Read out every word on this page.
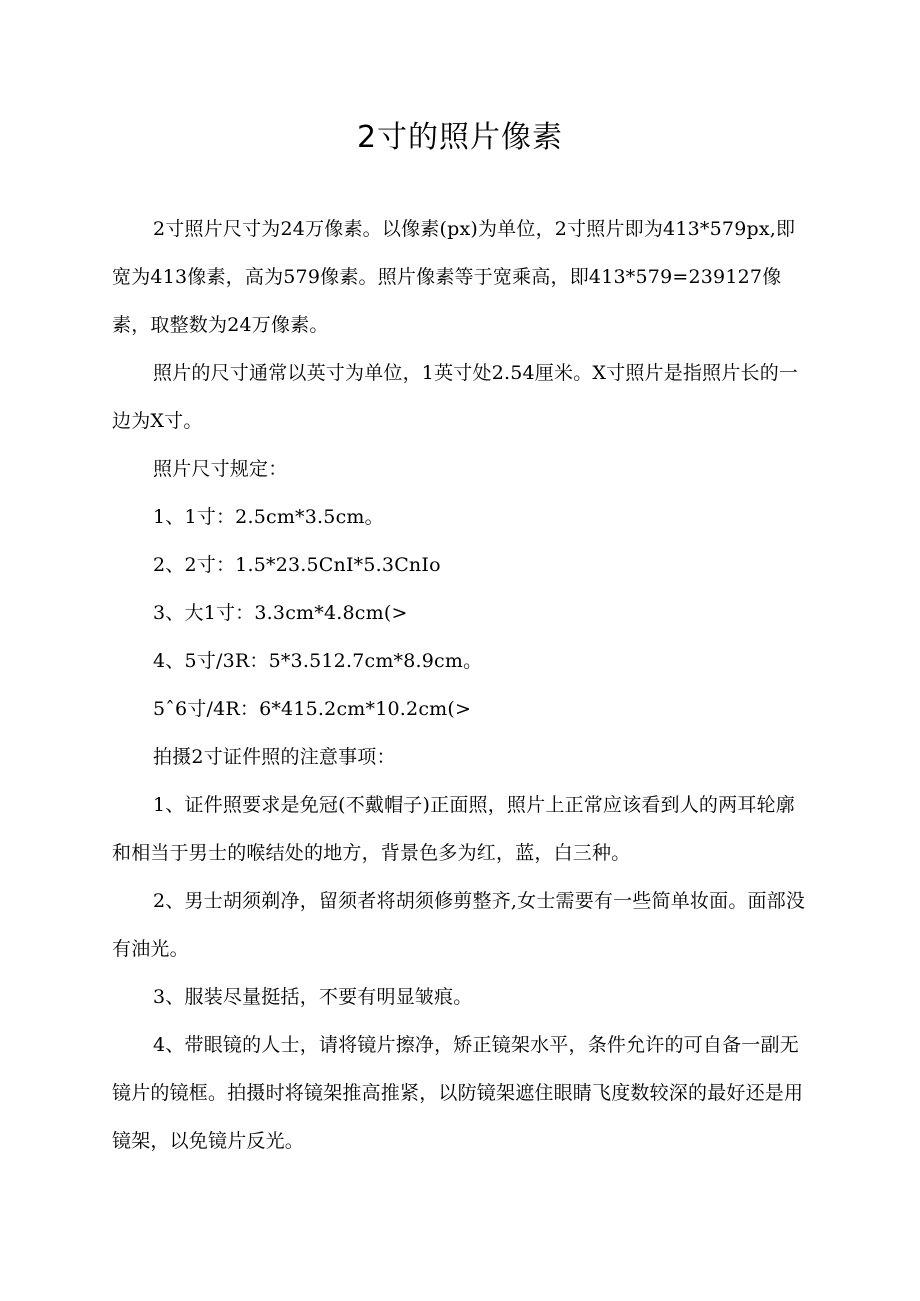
2寸的照片像素

2寸照片尺寸为24万像素。以像素(px)为单位，2寸照片即为413*579px,即宽为413像素，高为579像素。照片像素等于宽乘高，即413*579=239127像素，取整数为24万像素。

照片的尺寸通常以英寸为单位，1英寸处2.54厘米。X寸照片是指照片长的一边为X寸。

照片尺寸规定：

1、1寸：2.5cm*3.5cm。

2、2寸：1.5*23.5CnI*5.3CnIo

3、大1寸：3.3cm*4.8cm(>

4、5寸/3R：5*3.512.7cm*8.9cm。

5ˆ6寸/4R：6*415.2cm*10.2cm(>

拍摄2寸证件照的注意事项：

1、证件照要求是免冠(不戴帽子)正面照，照片上正常应该看到人的两耳轮廓和相当于男士的喉结处的地方，背景色多为红，蓝，白三种。

2、男士胡须剃净，留须者将胡须修剪整齐,女士需要有一些简单妆面。面部没有油光。

3、服装尽量挺括，不要有明显皱痕。

4、带眼镜的人士，请将镜片擦净，矫正镜架水平，条件允许的可自备一副无镜片的镜框。拍摄时将镜架推高推紧，以防镜架遮住眼睛飞度数较深的最好还是用镜架，以免镜片反光。
